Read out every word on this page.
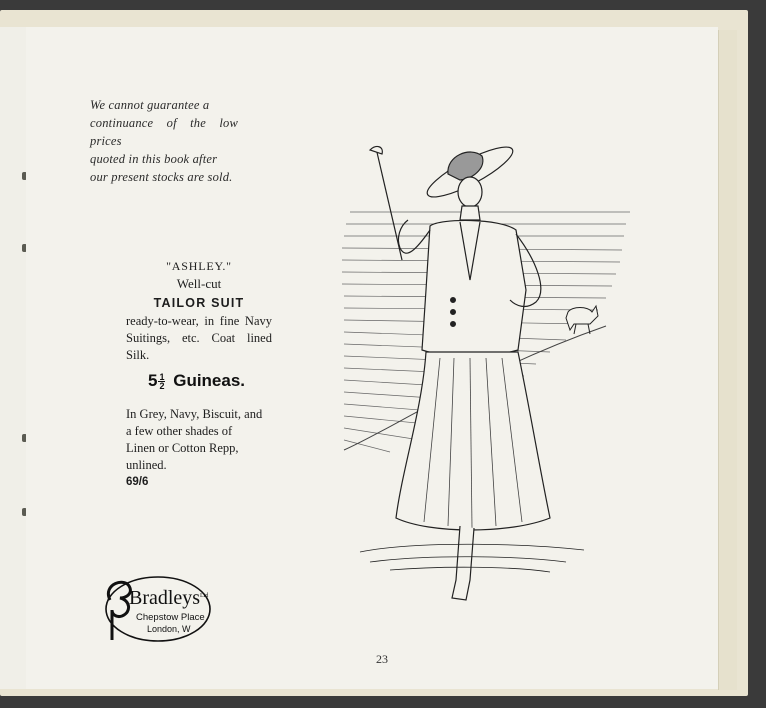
We cannot guarantee a
continuance of the low prices
quoted in this book after
our present stocks are sold.
"ASHLEY."
Well-cut
TAILOR SUIT
ready-to-wear, in fine Navy Suitings, etc. Coat lined Silk.
$5 \frac{1}{2}$ Guineas.
In Grey, Navy, Biscuit, and
a few other shades of
Linen or Cotton Repp,
unlined.
69/6
Bradleys Ltd
Chepstow Place
London, W
23
